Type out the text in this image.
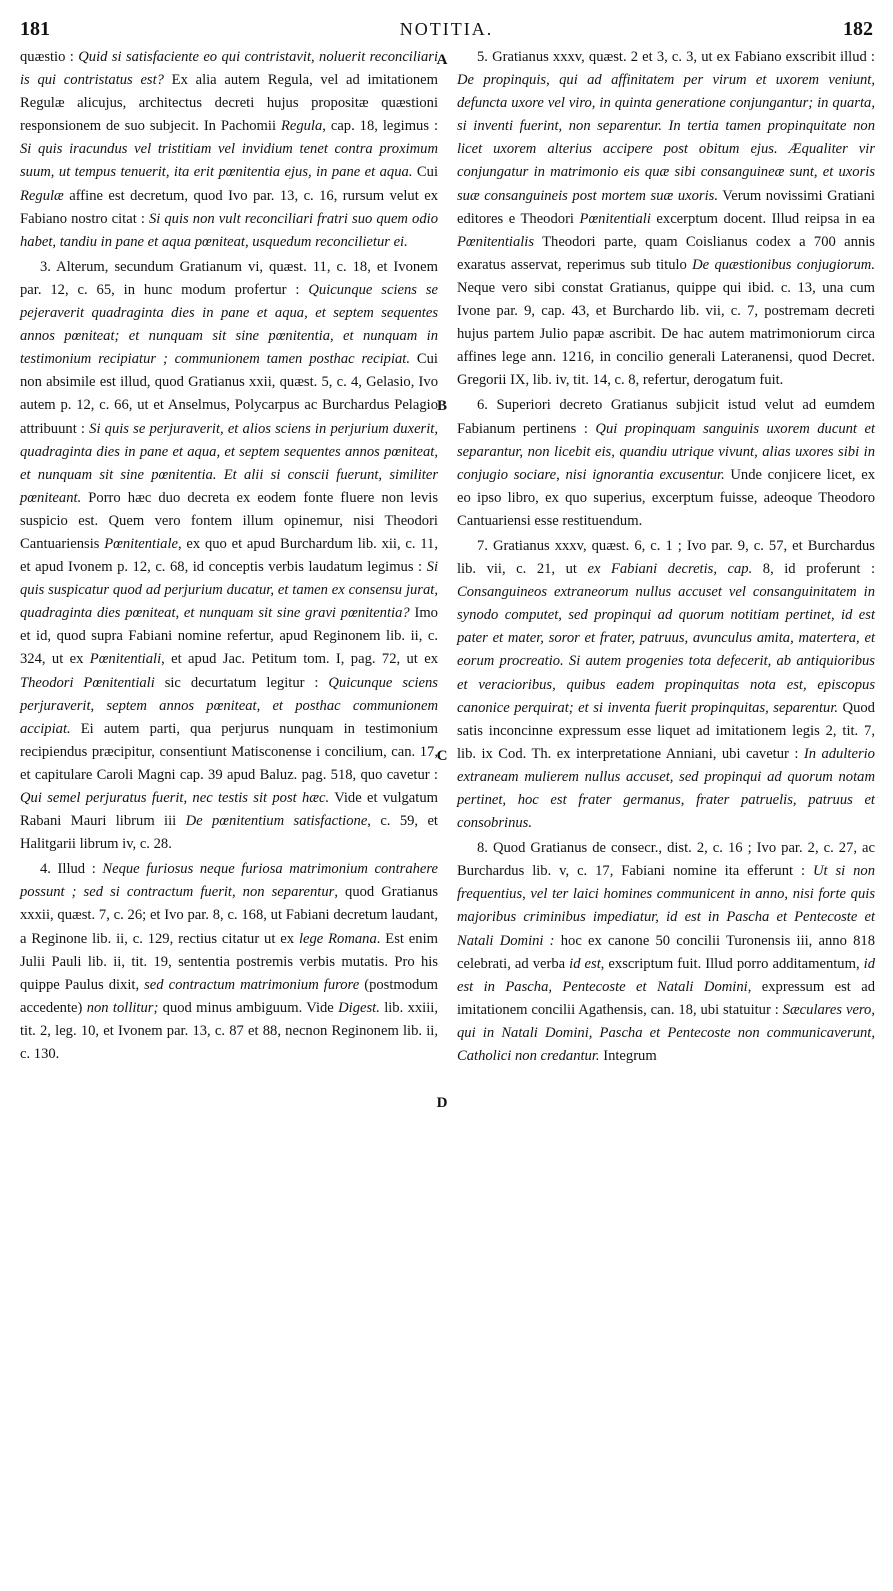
181	NOTITIA.	182

quæstio : Quid si satisfaciente eo qui contristavit, noluerit reconciliari is qui contristatus est? Ex alia autem Regula, vel ad imitationem Regulæ alicujus, architectus decreti hujus propositæ quæstioni responsionem de suo subjecit. In Pachomii Regula, cap. 18, legimus : Si quis iracundus vel tristitiam vel invidium tenet contra proximum suum, ut tempus tenuerit, ita erit pœnitentia ejus, in pane et aqua. Cui Regulæ affine est decretum, quod Ivo par. 13, c. 16, rursum velut ex Fabiano nostro citat : Si quis non vult reconciliari fratri suo quem odio habet, tandiu in pane et aqua pœniteat, usquedum reconcilietur ei.

3. Alterum, secundum Gratianum vi, quæst. 11, c. 18, et Ivonem par. 12, c. 65, in hunc modum profertur : Quicunque sciens se pejeraverit quadraginta dies in pane et aqua, et septem sequentes annos pœniteat; et nunquam sit sine pœnitentia, et nunquam in testimonium recipiatur ; communionem tamen posthac recipiat. Cui non absimile est illud, quod Gratianus xxii, quæst. 5, c. 4, Gelasio, Ivo autem p. 12, c. 66, ut et Anselmus, Polycarpus ac Burchardus Pelagio attribuunt : Si quis se perjuraverit, et alios sciens in perjurium duxerit, quadraginta dies in pane et aqua, et septem sequentes annos pœniteat, et nunquam sit sine pœnitentia. Et alii si conscii fuerunt, similiter pœniteant. Porro hæc duo decreta ex eodem fonte fluere non levis suspicio est. Quem vero fontem illum opinemur, nisi Theodori Cantuariensis Pœnitentiale, ex quo et apud Burchardum lib. xii, c. 11, et apud Ivonem p. 12, c. 68, id conceptis verbis laudatum legimus : Si quis suspicatur quod ad perjurium ducatur, et tamen ex consensu jurat, quadraginta dies pœniteat, et nunquam sit sine gravi pœnitentia? Imo et id, quod supra Fabiani nomine refertur, apud Reginonem lib. ii, c. 324, ut ex Pœnitentiali, et apud Jac. Petitum tom. I, pag. 72, ut ex Theodori Pœnitentiali sic decurtatum legitur : Quicunque sciens perjuraverit, septem annos pœniteat, et posthac communionem accipiat. Ei autem parti, qua perjurus nunquam in testimonium recipiendus præcipitur, consentiunt Matisconense i concilium, can. 17, et capitulare Caroli Magni cap. 39 apud Baluz. pag. 518, quo cavetur : Qui semel perjuratus fuerit, nec testis sit post hæc. Vide et vulgatum Rabani Mauri librum iii De pœnitentium satisfactione, c. 59, et Halitgarii librum iv, c. 28.

4. Illud : Neque furiosus neque furiosa matrimonium contrahere possunt ; sed si contractum fuerit, non separentur, quod Gratianus xxxii, quæst. 7, c. 26; et Ivo par. 8, c. 168, ut Fabiani decretum laudant, a Reginone lib. ii, c. 129, rectius citatur ut ex lege Romana. Est enim Julii Pauli lib. ii, tit. 19, sententia postremis verbis mutatis. Pro his quippe Paulus dixit, sed contractum matrimonium furore (postmodum accedente) non tollitur; quod minus ambiguum. Vide Digest. lib. xxiii, tit. 2, leg. 10, et Ivonem par. 13, c. 87 et 88, necnon Reginonem lib. ii, c. 130.

A
B
C
D

5. Gratianus xxxv, quæst. 2 et 3, c. 3, ut ex Fabiano exscribit illud : De propinquis, qui ad affinitatem per virum et uxorem veniunt, defuncta uxore vel viro, in quinta generatione conjungantur; in quarta, si inventi fuerint, non separentur. In tertia tamen propinquitate non licet uxorem alterius accipere post obitum ejus. Æqualiter vir conjungatur in matrimonio eis quæ sibi consanguineæ sunt, et uxoris suæ consanguineis post mortem suæ uxoris. Verum novissimi Gratiani editores e Theodori Pœnitentiali excerptum docent. Illud reipsa in ea Pœnitentialis Theodori parte, quam Coislianus codex a 700 annis exaratus asservat, reperimus sub titulo De quæstionibus conjugiorum. Neque vero sibi constat Gratianus, quippe qui ibid. c. 13, una cum Ivone par. 9, cap. 43, et Burchardo lib. vii, c. 7, postremam decreti hujus partem Julio papæ ascribit. De hac autem matrimoniorum circa affines lege ann. 1216, in concilio generali Lateranensi, quod Decret. Gregorii IX, lib. iv, tit. 14, c. 8, refertur, derogatum fuit.

6. Superiori decreto Gratianus subjicit istud velut ad eumdem Fabianum pertinens : Qui propinquam sanguinis uxorem ducunt et separantur, non licebit eis, quandiu utrique vivunt, alias uxores sibi in conjugio sociare, nisi ignorantia excusentur. Unde conjicere licet, ex eo ipso libro, ex quo superius, excerptum fuisse, adeoque Theodoro Cantuariensi esse restituendum.

7. Gratianus xxxv, quæst. 6, c. 1 ; Ivo par. 9, c. 57, et Burchardus lib. vii, c. 21, ut ex Fabiani decretis, cap. 8, id proferunt : Consanguineos extraneorum nullus accuset vel consanguinitatem in synodo computet, sed propinqui ad quorum notitiam pertinet, id est pater et mater, soror et frater, patruus, avunculus amita, matertera, et eorum procreatio. Si autem progenies tota defecerit, ab antiquioribus et veracioribus, quibus eadem propinquitas nota est, episcopus canonice perquirat; et si inventa fuerit propinquitas, separentur. Quod satis inconcinne expressum esse liquet ad imitationem legis 2, tit. 7, lib. ix Cod. Th. ex interpretatione Anniani, ubi cavetur : In adulterio extraneam mulierem nullus accuset, sed propinqui ad quorum notam pertinet, hoc est frater germanus, frater patruelis, patruus et consobrinus.

8. Quod Gratianus de consecr., dist. 2, c. 16 ; Ivo par. 2, c. 27, ac Burchardus lib. v, c. 17, Fabiani nomine ita efferunt : Ut si non frequentius, vel ter laici homines communicent in anno, nisi forte quis majoribus criminibus impediatur, id est in Pascha et Pentecoste et Natali Domini : hoc ex canone 50 concilii Turonensis iii, anno 818 celebrati, ad verba id est, exscriptum fuit. Illud porro additamentum, id est in Pascha, Pentecoste et Natali Domini, expressum est ad imitationem concilii Agathensis, can. 18, ubi statuitur : Sæculares vero, qui in Natali Domini, Pascha et Pentecoste non communicaverunt, Catholici non credantur. Integrum
